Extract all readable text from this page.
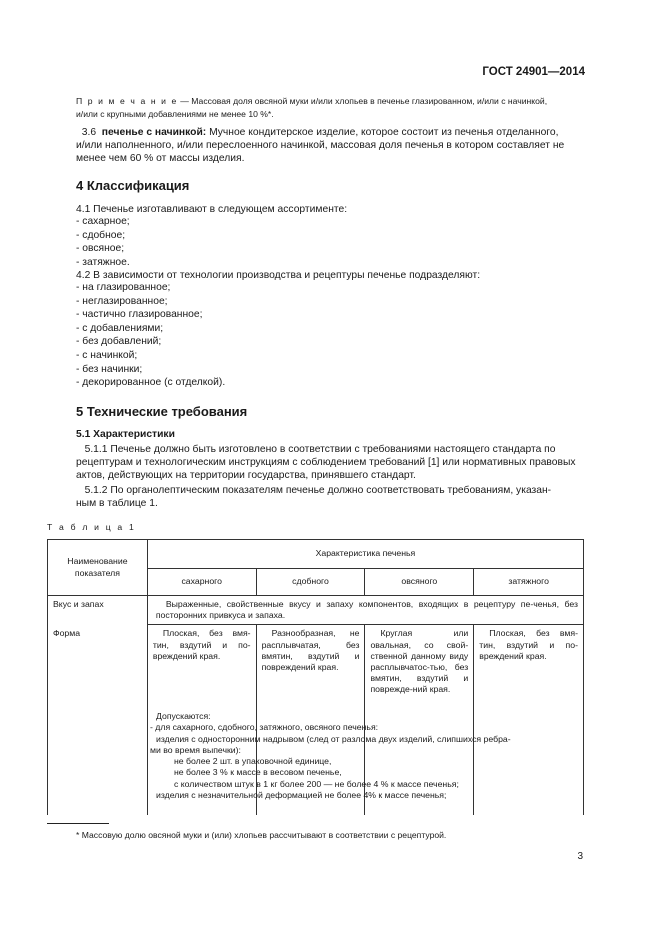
ГОСТ 24901—2014
П р и м е ч а н и е — Массовая доля овсяной муки и/или хлопьев в печенье глазированном, и/или с начинкой,
и/или с крупными добавлениями не менее 10 %*.

3.6 печенье с начинкой: Мучное кондитерское изделие, которое состоит из печенья отделанного,

и/или наполненного, и/или переслоенного начинкой, массовая доля печенья в котором составляет не

менее чем 60 % от массы изделия.

4 Классификация

4.1 Печенье изготавливают в следующем ассортименте:

- сахарное;
- сдобное;
- овсяное;
- затяжное.

4.2 В зависимости от технологии производства и рецептуры печенье подразделяют:

- на глазированное;
- неглазированное;
- частично глазированное;
- с добавлениями;
- без добавлений;
- с начинкой;
- без начинки;
- декорированное (с отделкой).
5 Технические требования
5.1 Характеристики

5.1.1 Печенье должно быть изготовлено в соответствии с требованиями настоящего стандарта по

рецептурам и технологическим инструкциям с соблюдением требований [1] или нормативных правовых

актов, действующих на территории государства, принявшего стандарт.

5.1.2 По органолептическим показателям печенье должно соответствовать требованиям, указан-

ным в таблице 1.

Т а б л и ц а 1
Наименование показателя	Характеристика печенья			
	сахарного	сдобного	овсяного	затяжного
Вкус и запах	Выраженные, свойственные вкусу и запаху компонентов, входящих в рецептуру пе-ченья, без посторонних привкуса и запаха.			

Форма	Плоская, без вмя-тин, вздутий и по-вреждений края.	Разнообразная, не расплывчатая, без вмятин, вздутий и повреждений края.	Круглая или овальная, со свой-ственной данному виду расплывчатос-тью, без вмятин, вздутий и поврежде-ний края.	Плоская, без вмя-тин, вздутий и по-вреждений края.
Допускаются:
- для сахарного, сдобного, затяжного, овсяного печенья:
изделия с односторонним надрывом (след от разлома двух изделий, слипшихся ребра-
ми во время выпечки):
не более 2 шт. в упаковочной единице,
не более 3 % к массе в весовом печенье,
с количеством штук в 1 кг более 200 — не более 4 % к массе печенья;
изделия с незначительной деформацией не более 4% к массе печенья;
* Массовую долю овсяной муки и (или) хлопьев рассчитывают в соответствии с рецептурой.
3
